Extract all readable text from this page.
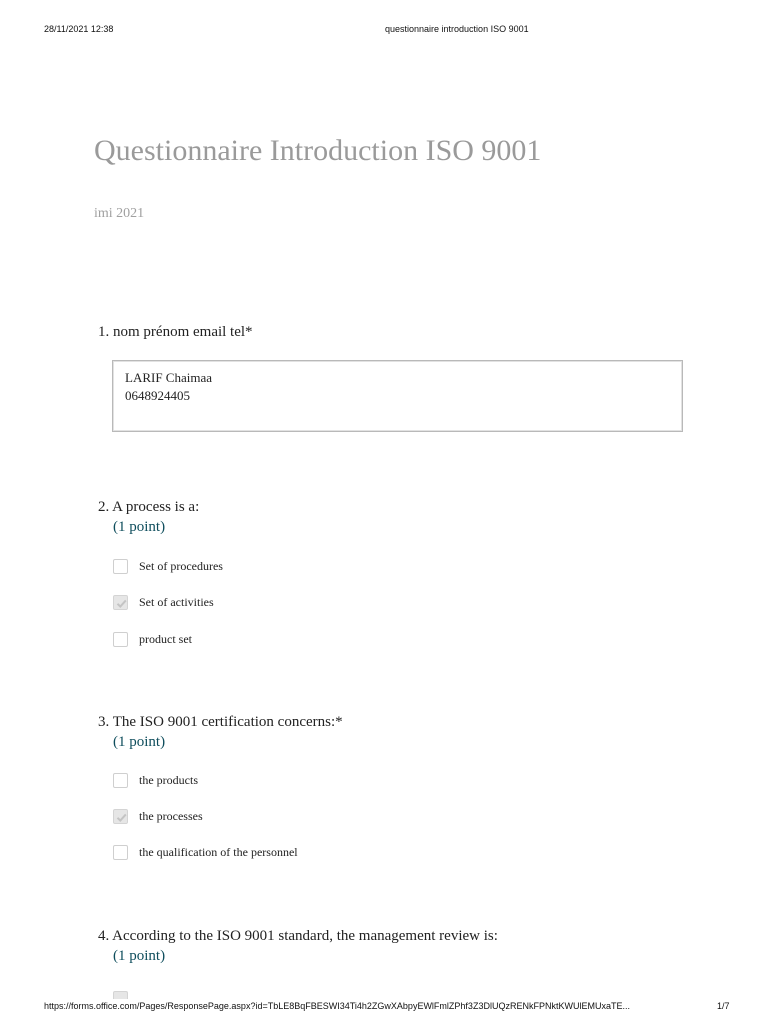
28/11/2021 12:38	questionnaire introduction ISO 9001
Questionnaire Introduction ISO 9001
imi 2021
1. nom prénom email tel*
LARIF Chaimaa
0648924405
2. A process is a:
(1 point)
Set of procedures
Set of activities
product set
3. The ISO 9001 certification concerns:*
(1 point)
the products
the processes
the qualification of the personnel
4. According to the ISO 9001 standard, the management review is:
(1 point)
https://forms.office.com/Pages/ResponsePage.aspx?id=TbLE8BqFBESWI34Ti4h2ZGwXAbpyEWlFmlZPhf3Z3DlUQzRENkFPNktKWUlEMUxaTE...	1/7
